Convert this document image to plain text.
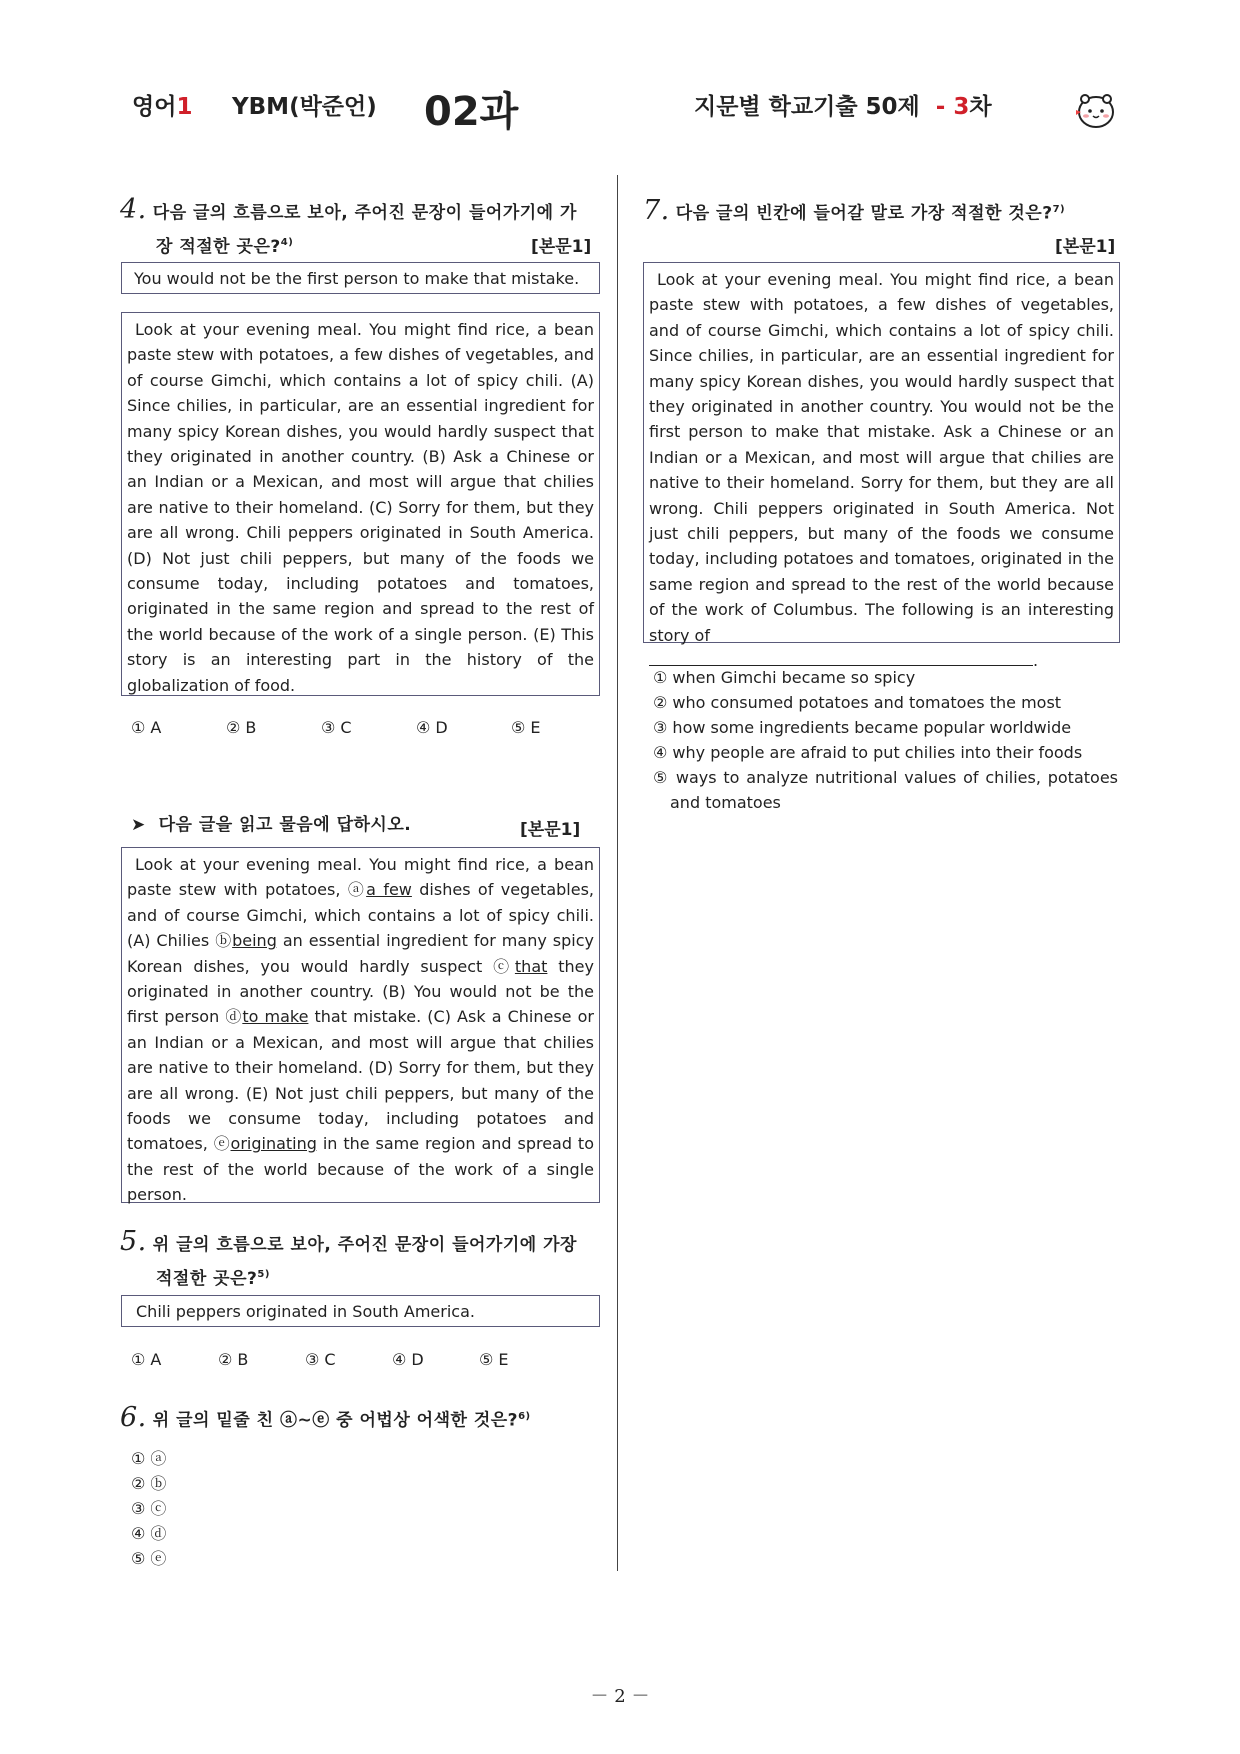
영어1 YBM(박준언) 02과	지문별 학교기출 50제 - 3차
4. 다음 글의 흐름으로 보아, 주어진 문장이 들어가기에 가
장 적절한 곳은?$^{4)}$	[본문1]
You would not be the first person to make that mistake.
Look at your evening meal. You might find rice, a bean paste stew with potatoes, a few dishes of vegetables, and of course Gimchi, which contains a lot of spicy chili. (A) Since chilies, in particular, are an essential ingredient for many spicy Korean dishes, you would hardly suspect that they originated in another country. (B) Ask a Chinese or an Indian or a Mexican, and most will argue that chilies are native to their homeland. (C) Sorry for them, but they are all wrong. Chili peppers originated in South America. (D) Not just chili peppers, but many of the foods we consume today, including potatoes and tomatoes, originated in the same region and spread to the rest of the world because of the work of a single person. (E) This story is an interesting part in the history of the globalization of food.
① A	② B	③ C	④ D	⑤ E
➤ 다음 글을 읽고 물음에 답하시오.	[본문1]
Look at your evening meal. You might find rice, a bean paste stew with potatoes, ⓐa few dishes of vegetables, and of course Gimchi, which contains a lot of spicy chili. (A) Chilies ⓑbeing an essential ingredient for many spicy Korean dishes, you would hardly suspect ⓒthat they originated in another country. (B) You would not be the first person ⓓto make that mistake. (C) Ask a Chinese or an Indian or a Mexican, and most will argue that chilies are native to their homeland. (D) Sorry for them, but they are all wrong. (E) Not just chili peppers, but many of the foods we consume today, including potatoes and tomatoes, ⓔoriginating in the same region and spread to the rest of the world because of the work of a single person.
5. 위 글의 흐름으로 보아, 주어진 문장이 들어가기에 가장
적절한 곳은?$^{5)}$
Chili peppers originated in South America.
① A	② B	③ C	④ D	⑤ E
6. 위 글의 밑줄 친 ⓐ~ⓔ 중 어법상 어색한 것은?$^{6)}$
① ⓐ
② ⓑ
③ ⓒ
④ ⓓ
⑤ ⓔ
7. 다음 글의 빈칸에 들어갈 말로 가장 적절한 것은?$^{7)}$
[본문1]
Look at your evening meal. You might find rice, a bean paste stew with potatoes, a few dishes of vegetables, and of course Gimchi, which contains a lot of spicy chili. Since chilies, in particular, are an essential ingredient for many spicy Korean dishes, you would hardly suspect that they originated in another country. You would not be the first person to make that mistake. Ask a Chinese or an Indian or a Mexican, and most will argue that chilies are native to their homeland. Sorry for them, but they are all wrong. Chili peppers originated in South America. Not just chili peppers, but many of the foods we consume today, including potatoes and tomatoes, originated in the same region and spread to the rest of the world because of the work of Columbus. The following is an interesting story of
.
① when Gimchi became so spicy
② who consumed potatoes and tomatoes the most
③ how some ingredients became popular worldwide
④ why people are afraid to put chilies into their foods
⑤ ways to analyze nutritional values of chilies, potatoes and tomatoes
－ 2 －
